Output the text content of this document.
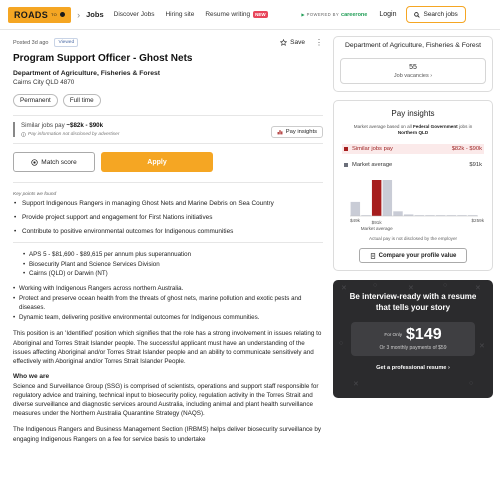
ROADS TO › Jobs Discover Jobs Hiring site Resume writing	NEW	POWERED BY careerone Login	Search jobs
Posted 3d ago	Viewed	Save ⋮
Program Support Officer - Ghost Nets
Department of Agriculture, Fisheries & Forest
Cairns City QLD 4870
Permanent	Full time
Similar jobs pay ~$82k - $90k
Pay information not disclosed by advertiser	Pay insights
Match score	Apply
Key points we found
• Support Indigenous Rangers in managing Ghost Nets and Marine Debris on Sea Country
• Provide project support and engagement for First Nations initiatives
• Contribute to positive environmental outcomes for Indigenous communities
• APS 5 - $81,690 - $89,615 per annum plus superannuation
• Biosecurity Plant and Science Services Division
• Cairns (QLD) or Darwin (NT)
• Working with Indigenous Rangers across northern Australia.
• Protect and preserve ocean health from the threats of ghost nets, marine pollution and exotic pests and diseases.
• Dynamic team, delivering positive environmental outcomes for Indigenous communities.

This position is an 'Identified' position which signifies that the role has a strong involvement in issues relating to Aboriginal and Torres Strait Islander people. The successful applicant must have an understanding of the issues affecting Aboriginal and/or Torres Strait Islander people and an ability to communicate sensitively and effectively with Aboriginal and/or Torres Strait Islander People.

Who we are

Science and Surveillance Group (SSG) is comprised of scientists, operations and support staff responsible for regulatory advice and training, technical input to biosecurity policy, regulation activity in the Torres Strait and diverse surveillance and diagnostic services around Australia, including animal and plant health surveillance measures under the Northern Australia Quarantine Strategy (NAQS).

The Indigenous Rangers and Business Management Section (IRBMS) helps deliver biosecurity surveillance by engaging Indigenous Rangers on a fee for service basis to undertake

Department of Agriculture, Fisheries & Forest
55
Job vacancies ›
Pay insights
Market average based on all Federal Government jobs in
Northern QLD
Similar jobs pay	$82k - $90k
Market average	$91k
$49k	$259k
$91k
Market average
Actual pay is not disclosed by the employer
Compare your profile value
✕	○	✕	○	✕
○	✕
✕	○
Be interview-ready with a resume that tells your story
For Only $149
Or 3 monthly payments of $59
Get a professional resume ›
